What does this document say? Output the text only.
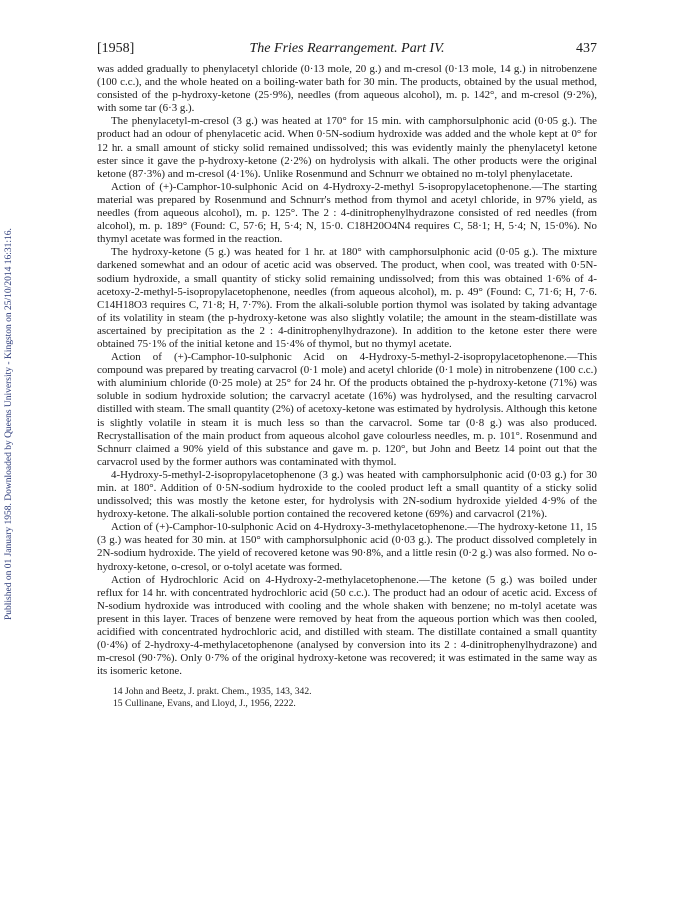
Published on 01 January 1958. Downloaded by Queens University - Kingston on 25/10/2014 16:31:16.
[1958]	The Fries Rearrangement. Part IV.	437

was added gradually to phenylacetyl chloride (0·13 mole, 20 g.) and m-cresol (0·13 mole, 14 g.) in nitrobenzene (100 c.c.), and the whole heated on a boiling-water bath for 30 min. The products, obtained by the usual method, consisted of the p-hydroxy-ketone (25·9%), needles (from aqueous alcohol), m. p. 142°, and m-cresol (9·2%), with some tar (6·3 g.).

The phenylacetyl-m-cresol (3 g.) was heated at 170° for 15 min. with camphorsulphonic acid (0·05 g.). The product had an odour of phenylacetic acid. When 0·5N-sodium hydroxide was added and the whole kept at 0° for 12 hr. a small amount of sticky solid remained undissolved; this was evidently mainly the phenylacetyl ketone ester since it gave the p-hydroxy-ketone (2·2%) on hydrolysis with alkali. The other products were the original ketone (87·3%) and m-cresol (4·1%). Unlike Rosenmund and Schnurr we obtained no m-tolyl phenylacetate.

Action of (+)-Camphor-10-sulphonic Acid on 4-Hydroxy-2-methyl 5-isopropylacetophenone.—The starting material was prepared by Rosenmund and Schnurr's method from thymol and acetyl chloride, in 97% yield, as needles (from aqueous alcohol), m. p. 125°. The 2 : 4-dinitrophenylhydrazone consisted of red needles (from alcohol), m. p. 189° (Found: C, 57·6; H, 5·4; N, 15·0. C18H20O4N4 requires C, 58·1; H, 5·4; N, 15·0%). No thymyl acetate was formed in the reaction.

The hydroxy-ketone (5 g.) was heated for 1 hr. at 180° with camphorsulphonic acid (0·05 g.). The mixture darkened somewhat and an odour of acetic acid was observed. The product, when cool, was treated with 0·5N-sodium hydroxide, a small quantity of sticky solid remaining undissolved; from this was obtained 1·6% of 4-acetoxy-2-methyl-5-isopropylacetophenone, needles (from aqueous alcohol), m. p. 49° (Found: C, 71·6; H, 7·6. C14H18O3 requires C, 71·8; H, 7·7%). From the alkali-soluble portion thymol was isolated by taking advantage of its volatility in steam (the p-hydroxy-ketone was also slightly volatile; the amount in the steam-distillate was ascertained by precipitation as the 2 : 4-dinitrophenylhydrazone). In addition to the ketone ester there were obtained 75·1% of the initial ketone and 15·4% of thymol, but no thymyl acetate.

Action of (+)-Camphor-10-sulphonic Acid on 4-Hydroxy-5-methyl-2-isopropylacetophenone.—This compound was prepared by treating carvacrol (0·1 mole) and acetyl chloride (0·1 mole) in nitrobenzene (100 c.c.) with aluminium chloride (0·25 mole) at 25° for 24 hr. Of the products obtained the p-hydroxy-ketone (71%) was soluble in sodium hydroxide solution; the carvacryl acetate (16%) was hydrolysed, and the resulting carvacrol distilled with steam. The small quantity (2%) of acetoxy-ketone was estimated by hydrolysis. Although this ketone is slightly volatile in steam it is much less so than the carvacrol. Some tar (0·8 g.) was also produced. Recrystallisation of the main product from aqueous alcohol gave colourless needles, m. p. 101°. Rosenmund and Schnurr claimed a 90% yield of this substance and gave m. p. 120°, but John and Beetz 14 point out that the carvacrol used by the former authors was contaminated with thymol.

4-Hydroxy-5-methyl-2-isopropylacetophenone (3 g.) was heated with camphorsulphonic acid (0·03 g.) for 30 min. at 180°. Addition of 0·5N-sodium hydroxide to the cooled product left a small quantity of a sticky solid undissolved; this was mostly the ketone ester, for hydrolysis with 2N-sodium hydroxide yielded 4·9% of the hydroxy-ketone. The alkali-soluble portion contained the recovered ketone (69%) and carvacrol (21%).

Action of (+)-Camphor-10-sulphonic Acid on 4-Hydroxy-3-methylacetophenone.—The hydroxy-ketone 11, 15 (3 g.) was heated for 30 min. at 150° with camphorsulphonic acid (0·03 g.). The product dissolved completely in 2N-sodium hydroxide. The yield of recovered ketone was 90·8%, and a little resin (0·2 g.) was also formed. No o-hydroxy-ketone, o-cresol, or o-tolyl acetate was formed.

Action of Hydrochloric Acid on 4-Hydroxy-2-methylacetophenone.—The ketone (5 g.) was boiled under reflux for 14 hr. with concentrated hydrochloric acid (50 c.c.). The product had an odour of acetic acid. Excess of N-sodium hydroxide was introduced with cooling and the whole shaken with benzene; no m-tolyl acetate was present in this layer. Traces of benzene were removed by heat from the aqueous portion which was then cooled, acidified with concentrated hydrochloric acid, and distilled with steam. The distillate contained a small quantity (0·4%) of 2-hydroxy-4-methylacetophenone (analysed by conversion into its 2 : 4-dinitrophenylhydrazone) and m-cresol (90·7%). Only 0·7% of the original hydroxy-ketone was recovered; it was estimated in the same way as its isomeric ketone.

14 John and Beetz, J. prakt. Chem., 1935, 143, 342.
15 Cullinane, Evans, and Lloyd, J., 1956, 2222.
